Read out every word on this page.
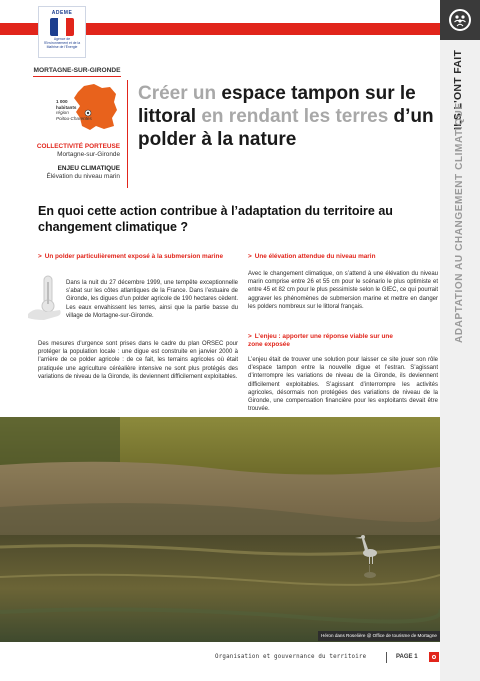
ADEME
Agence de l'Environnement et de la Maîtrise de l'Énergie
ILS L'ONT FAIT
ADAPTATION AU CHANGEMENT CLIMATIQUE
MORTAGNE-SUR-GIRONDE
1 000
habitants
région
Poitou-Charentes
COLLECTIVITÉ PORTEUSE
Mortagne-sur-Gironde
ENJEU CLIMATIQUE
Élévation du niveau marin
Créer un espace tampon sur le littoral en rendant les terres d’un polder à la nature
En quoi cette action contribue à l’adaptation du territoire au changement climatique ?
> Un polder particulièrement exposé à la submersion marine

Dans la nuit du 27 décembre 1999, une tempête exceptionnelle s’abat sur les côtes atlantiques de la France. Dans l’estuaire de Gironde, les digues d’un polder agricole de 190 hectares cèdent. Les eaux envahissent les terres, ainsi que la partie basse du village de Mortagne-sur-Gironde.

Des mesures d’urgence sont prises dans le cadre du plan ORSEC pour protéger la population locale : une digue est construite en janvier 2000 à l’arrière de ce polder agricole : de ce fait, les terrains agricoles où était pratiquée une agriculture céréalière intensive ne sont plus protégés des variations de niveau de la Gironde, ils deviennent difficilement exploitables.

> Une élévation attendue du niveau marin

Avec le changement climatique, on s’attend à une élévation du niveau marin comprise entre 26 et 55 cm pour le scénario le plus optimiste et entre 45 et 82 cm pour le plus pessimiste selon le GIEC, ce qui pourrait aggraver les phénomènes de submersion marine et mettre en danger les polders nombreux sur le littoral français.

> L’enjeu : apporter une réponse viable sur une zone exposée

L’enjeu était de trouver une solution pour laisser ce site jouer son rôle d’espace tampon entre la nouvelle digue et l’estran. S’agissant d’interrompre les variations de niveau de la Gironde, ils deviennent difficilement exploitables. S’agissant d’interrompre les activités agricoles, désormais non protégées des variations de niveau de la Gironde, une compensation financière pour les exploitants devait être trouvée.

Héron dans Roselière @ Office de tourisme de Mortagne
Organisation et gouvernance du territoire	PAGE 1
